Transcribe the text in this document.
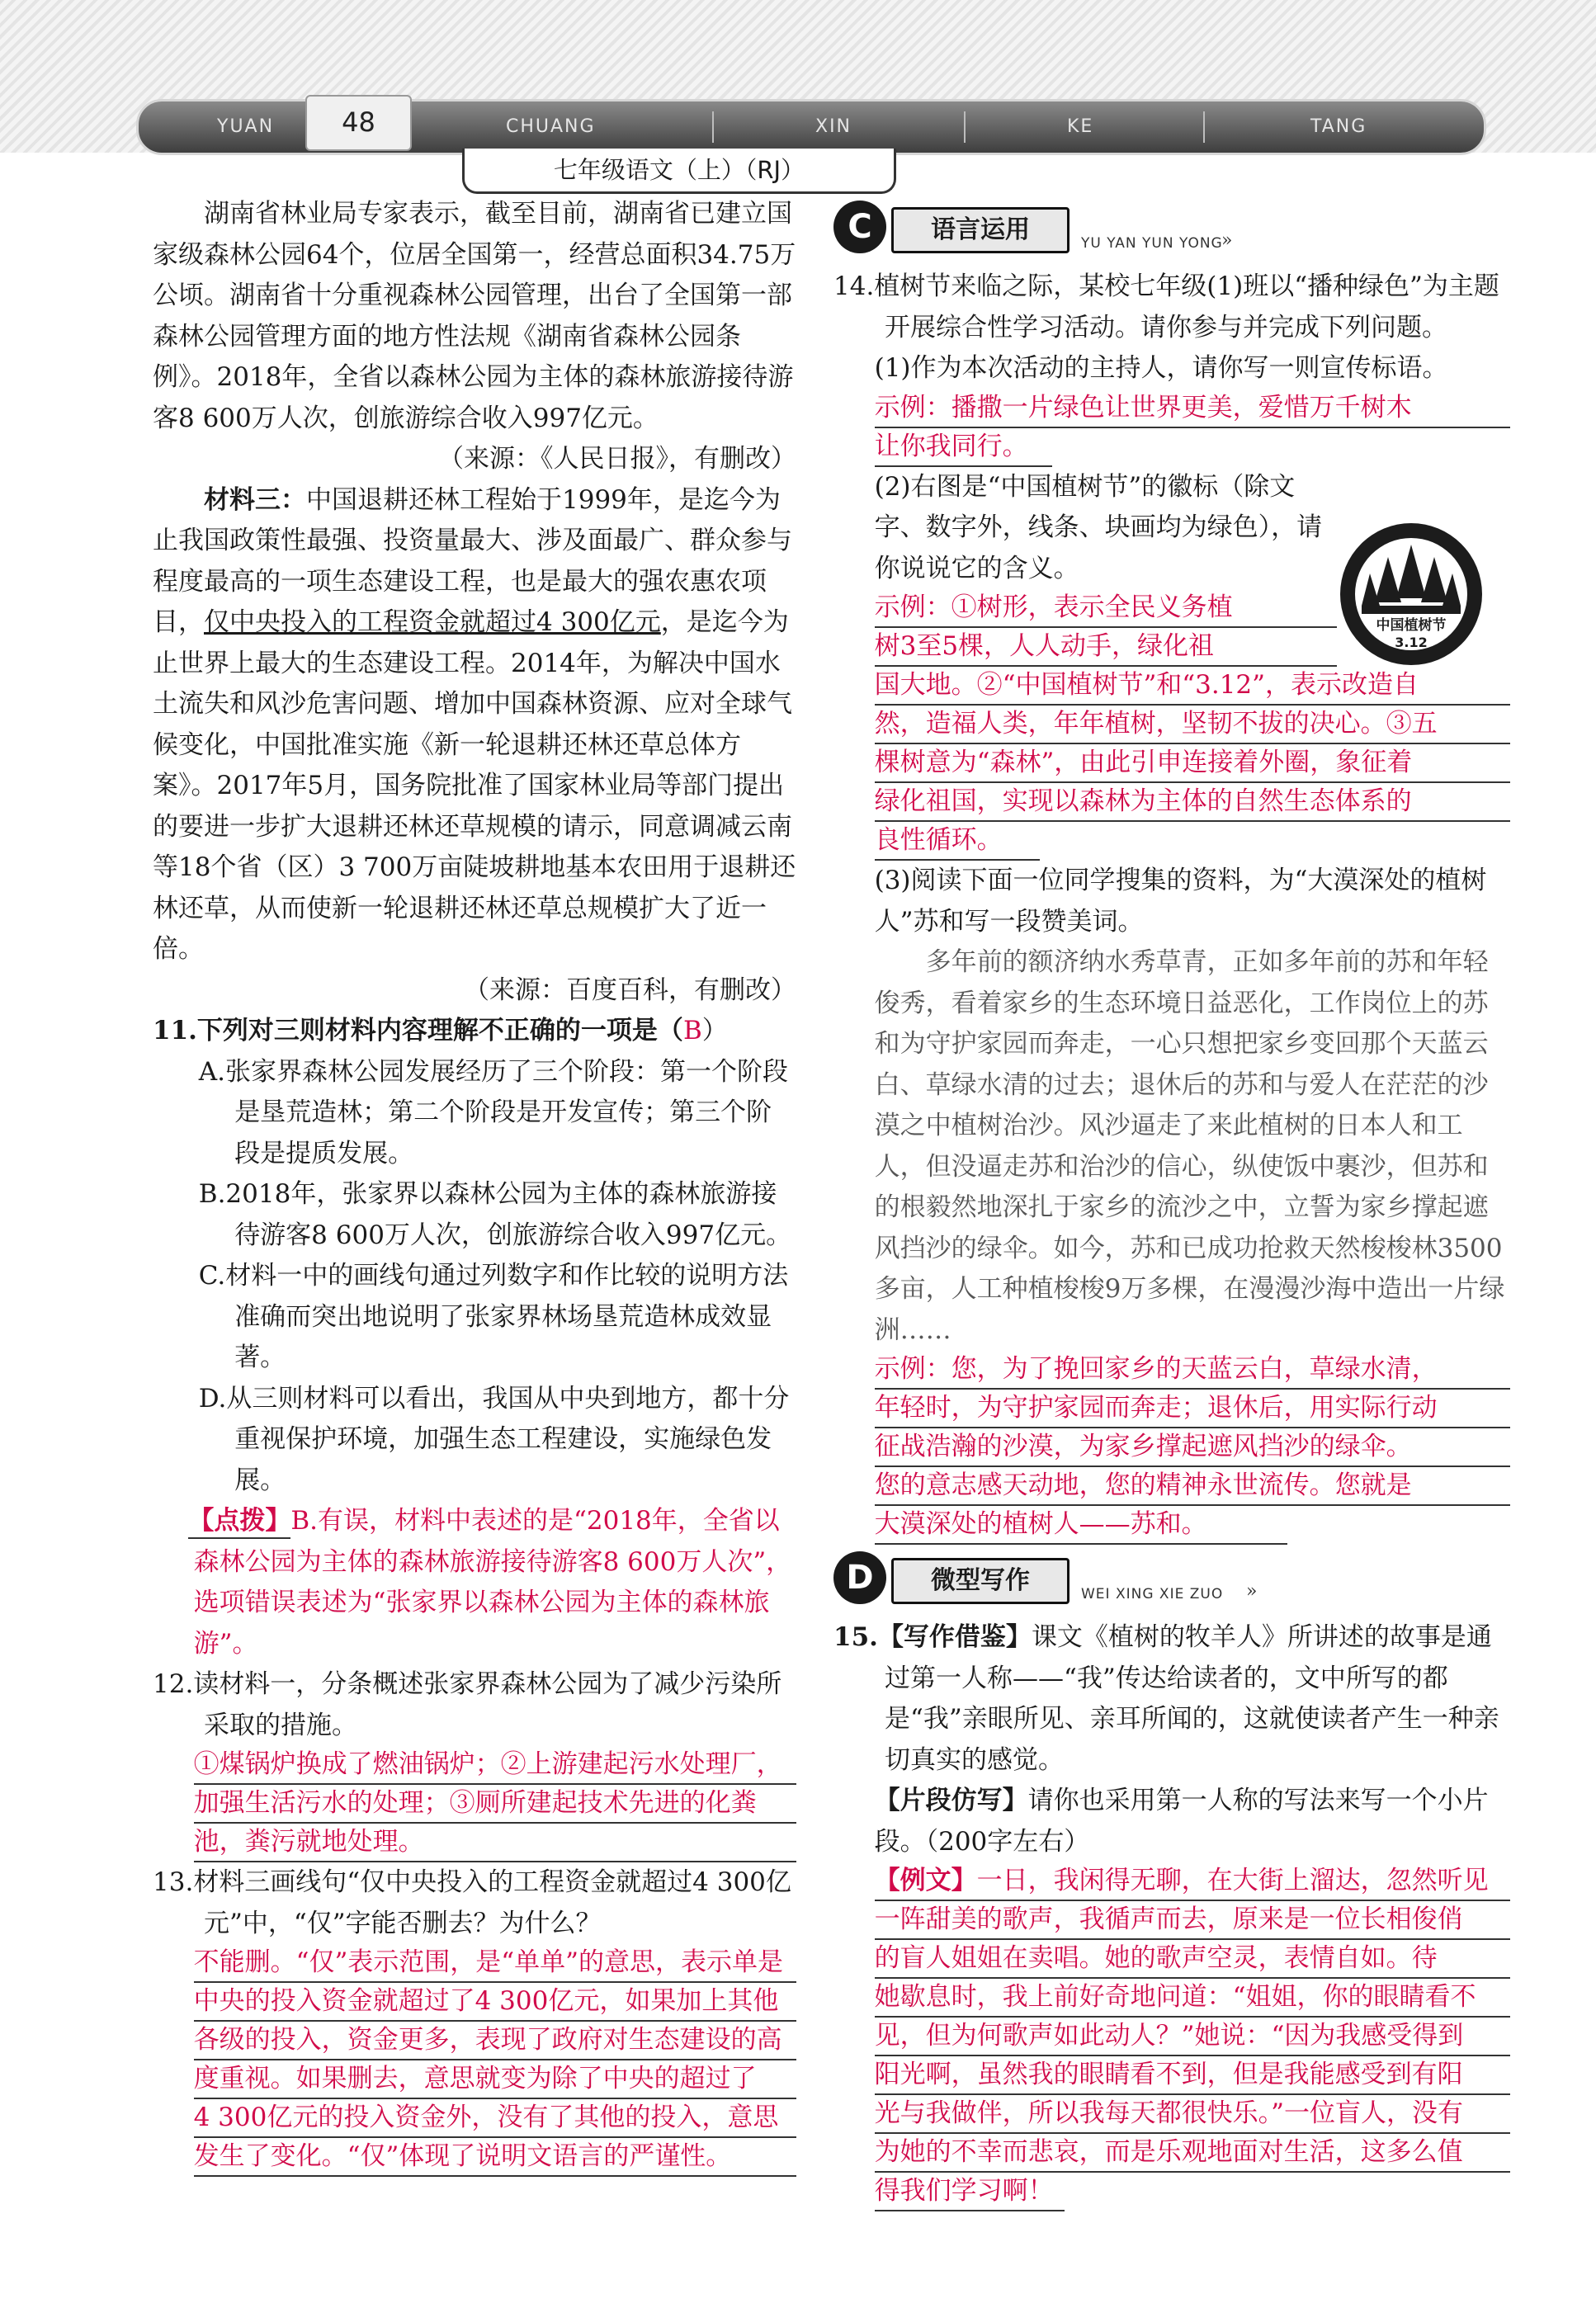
YUAN	CHUANG	XIN	KE	TANG
48
七年级语文（上）（RJ）

湖南省林业局专家表示，截至目前，湖南省已建立国家级森林公园64个，位居全国第一，经营总面积34.75万公顷。湖南省十分重视森林公园管理，出台了全国第一部森林公园管理方面的地方性法规《湖南省森林公园条例》。2018年，全省以森林公园为主体的森林旅游接待游客8 600万人次，创旅游综合收入997亿元。

（来源：《人民日报》，有删改）

材料三：中国退耕还林工程始于1999年，是迄今为止我国政策性最强、投资量最大、涉及面最广、群众参与程度最高的一项生态建设工程，也是最大的强农惠农项目，仅中央投入的工程资金就超过4 300亿元，是迄今为止世界上最大的生态建设工程。2014年，为解决中国水土流失和风沙危害问题、增加中国森林资源、应对全球气候变化，中国批准实施《新一轮退耕还林还草总体方案》。2017年5月，国务院批准了国家林业局等部门提出的要进一步扩大退耕还林还草规模的请示，同意调减云南等18个省（区）3 700万亩陡坡耕地基本农田用于退耕还林还草，从而使新一轮退耕还林还草总规模扩大了近一倍。

（来源：百度百科，有删改）

11.下列对三则材料内容理解不正确的一项是（B）

A.张家界森林公园发展经历了三个阶段：第一个阶段是垦荒造林；第二个阶段是开发宣传；第三个阶段是提质发展。

B.2018年，张家界以森林公园为主体的森林旅游接待游客8 600万人次，创旅游综合收入997亿元。

C.材料一中的画线句通过列数字和作比较的说明方法准确而突出地说明了张家界林场垦荒造林成效显著。

D.从三则材料可以看出，我国从中央到地方，都十分重视保护环境，加强生态工程建设，实施绿色发展。

【点拨】B.有误，材料中表述的是“2018年，全省以森林公园为主体的森林旅游接待游客8 600万人次”，选项错误表述为“张家界以森林公园为主体的森林旅游”。

12.读材料一，分条概述张家界森林公园为了减少污染所采取的措施。

①煤锅炉换成了燃油锅炉；②上游建起污水处理厂，
加强生活污水的处理；③厕所建起技术先进的化粪
池，粪污就地处理。

13.材料三画线句“仅中央投入的工程资金就超过4 300亿元”中，“仅”字能否删去？为什么？

不能删。“仅”表示范围，是“单单”的意思，表示单是
中央的投入资金就超过了4 300亿元，如果加上其他
各级的投入，资金更多，表现了政府对生态建设的高
度重视。如果删去，意思就变为除了中央的超过了
4 300亿元的投入资金外，没有了其他的投入，意思
发生了变化。“仅”体现了说明文语言的严谨性。
C	语言运用	YU YAN YUN YONG
»

14.植树节来临之际，某校七年级(1)班以“播种绿色”为主题开展综合性学习活动。请你参与并完成下列问题。

(1)作为本次活动的主持人，请你写一则宣传标语。

示例：播撒一片绿色让世界更美，爱惜万千树木
让你我同行。

(2)右图是“中国植树节”的徽标（除文字、数字外，线条、块画均为绿色），请你说说它的含义。

示例：①树形，表示全民义务植
树3至5棵，人人动手，绿化祖
国大地。②“中国植树节”和“3.12”，表示改造自
然，造福人类，年年植树，坚韧不拔的决心。③五
棵树意为“森林”，由此引申连接着外圈，象征着
绿化祖国，实现以森林为主体的自然生态体系的
良性循环。

(3)阅读下面一位同学搜集的资料，为“大漠深处的植树人”苏和写一段赞美词。

多年前的额济纳水秀草青，正如多年前的苏和年轻俊秀，看着家乡的生态环境日益恶化，工作岗位上的苏和为守护家园而奔走，一心只想把家乡变回那个天蓝云白、草绿水清的过去；退休后的苏和与爱人在茫茫的沙漠之中植树治沙。风沙逼走了来此植树的日本人和工人，但没逼走苏和治沙的信心，纵使饭中裹沙，但苏和的根毅然地深扎于家乡的流沙之中，立誓为家乡撑起遮风挡沙的绿伞。如今，苏和已成功抢救天然梭梭林3500多亩，人工种植梭梭9万多棵，在漫漫沙海中造出一片绿洲……

示例：您，为了挽回家乡的天蓝云白，草绿水清，
年轻时，为守护家园而奔走；退休后，用实际行动
征战浩瀚的沙漠，为家乡撑起遮风挡沙的绿伞。
您的意志感天动地，您的精神永世流传。您就是
大漠深处的植树人——苏和。
D	微型写作	WEI XING XIE ZUO »

15.【写作借鉴】课文《植树的牧羊人》所讲述的故事是通过第一人称——“我”传达给读者的，文中所写的都是“我”亲眼所见、亲耳所闻的，这就使读者产生一种亲切真实的感觉。

【片段仿写】请你也采用第一人称的写法来写一个小片段。（200字左右）

【例文】一日，我闲得无聊，在大街上溜达，忽然听见
一阵甜美的歌声，我循声而去，原来是一位长相俊俏
的盲人姐姐在卖唱。她的歌声空灵，表情自如。待
她歇息时，我上前好奇地问道：“姐姐，你的眼睛看不
见，但为何歌声如此动人？”她说：“因为我感受得到
阳光啊，虽然我的眼睛看不到，但是我能感受到有阳
光与我做伴，所以我每天都很快乐。”一位盲人，没有
为她的不幸而悲哀，而是乐观地面对生活，这多么值
得我们学习啊！
中国植树节
3.12
